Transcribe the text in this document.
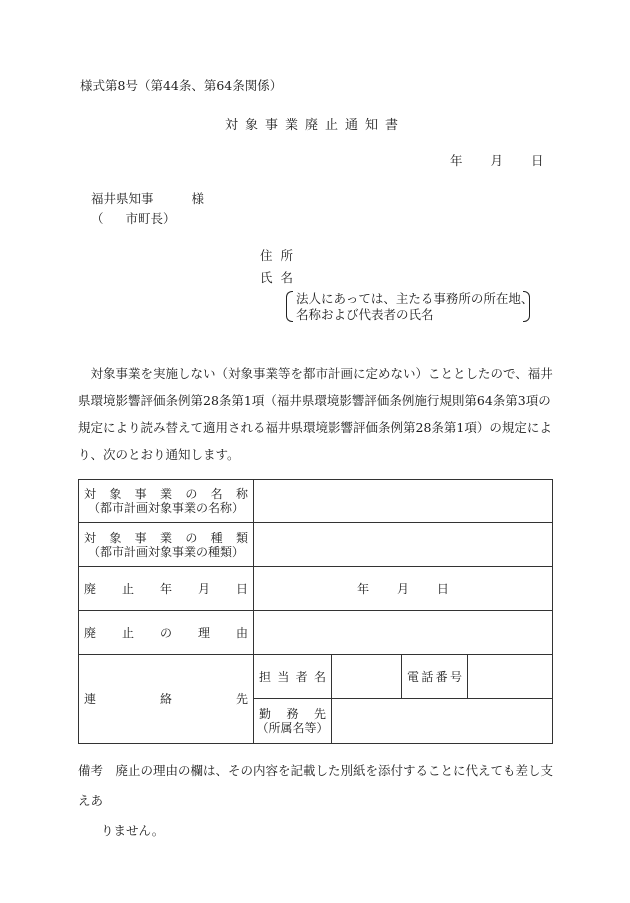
様式第8号（第44条、第64条関係）
対象事業廃止通知書
年 月 日
福井県知事	様
（ 市町長）
住所
氏名
法人にあっては、主たる事務所の所在地、
名称および代表者の氏名
対象事業を実施しない（対象事業等を都市計画に定めない）こととしたので、福井県環境影響評価条例第28条第1項（福井県環境影響評価条例施行規則第64条第3項の規定により読み替えて適用される福井県環境影響評価条例第28条第1項）の規定により、次のとおり通知します。
対象事業の名称
（都市計画対象事業の名称）				

対象事業の種類
（都市計画対象事業の種類）				

廃止年月日	年 月 日			

廃止の理由				

連絡先	担当者名		電話番号	

	勤務先
（所属名等）			

備考　 廃止の理由の欄は、その内容を記載した別紙を添付することに代えても差し支えあ
りません。
